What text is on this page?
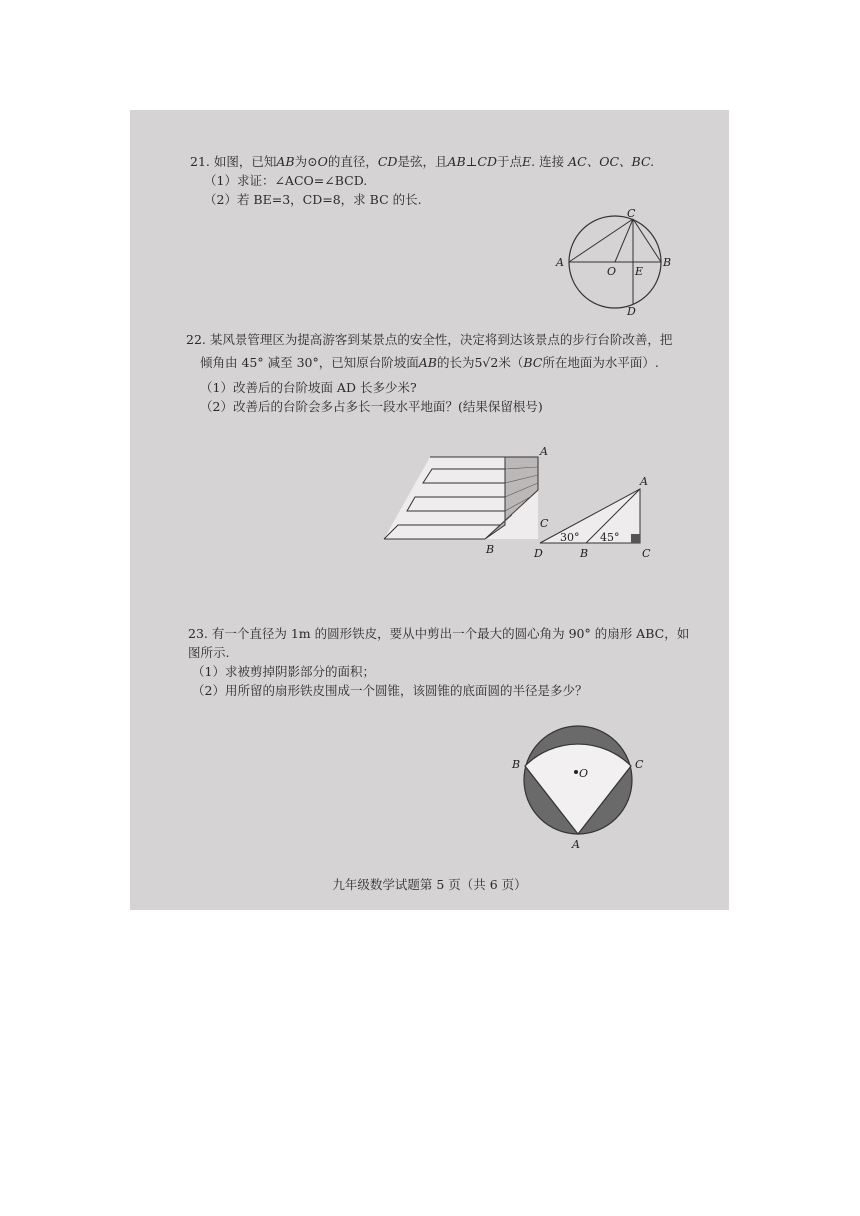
21. 如图，已知AB为⊙O的直径，CD是弦，且AB⊥CD于点E. 连接 AC、OC、BC.
（1）求证：∠ACO=∠BCD.
（2）若 BE=3，CD=8，求 BC 的长.
C
A
O E
B
D
22. 某风景管理区为提高游客到某景点的安全性，决定将到达该景点的步行台阶改善，把
倾角由 45° 减至 30°，已知原台阶坡面AB的长为5√2米（BC所在地面为水平面）.
（1）改善后的台阶坡面 AD 长多少米?
（2）改善后的台阶会多占多长一段水平地面？(结果保留根号)
A
C
B
30° 45°
A
D	B	C
23. 有一个直径为 1m 的圆形铁皮，要从中剪出一个最大的圆心角为 90° 的扇形 ABC，如
图所示.
（1）求被剪掉阴影部分的面积；
（2）用所留的扇形铁皮围成一个圆锥，该圆锥的底面圆的半径是多少？
B
O
C
A
九年级数学试题第 5 页（共 6 页）
